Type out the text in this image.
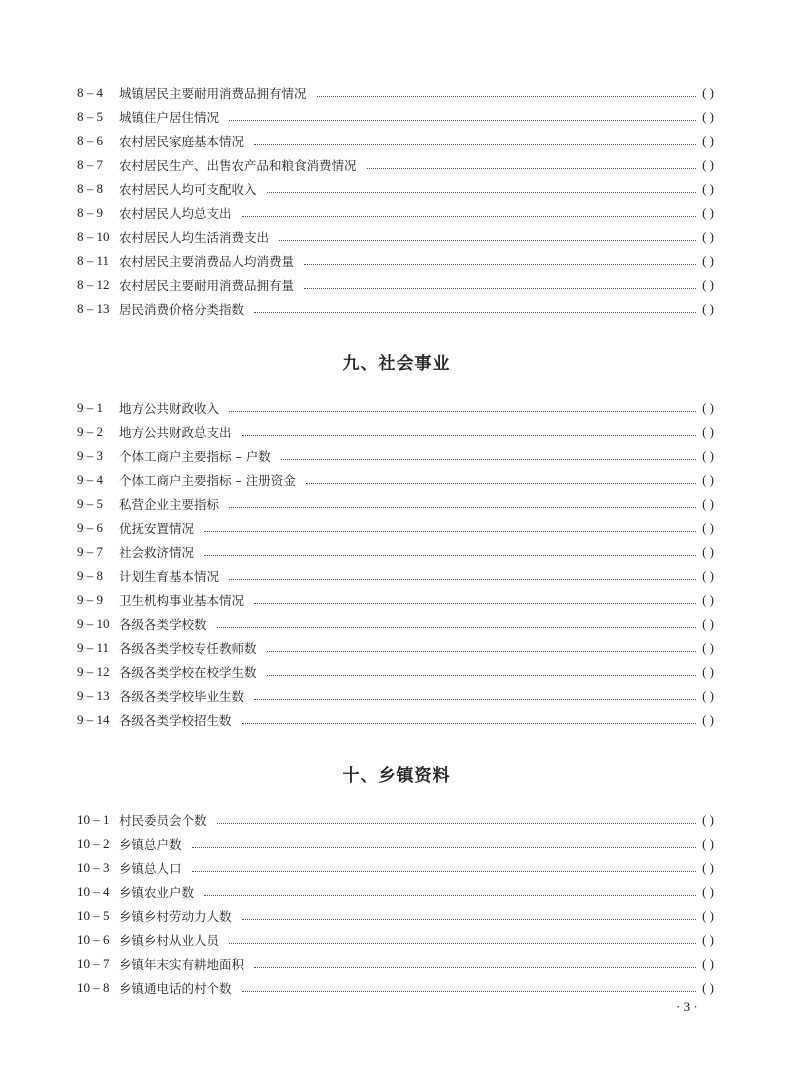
8 – 4	城镇居民主要耐用消费品拥有情况	( )
8 – 5	城镇住户居住情况	( )
8 – 6	农村居民家庭基本情况	( )
8 – 7	农村居民生产、出售农产品和粮食消费情况	( )
8 – 8	农村居民人均可支配收入	( )
8 – 9	农村居民人均总支出	( )
8 – 10 农村居民人均生活消费支出	( )
8 – 11 农村居民主要消费品人均消费量	( )
8 – 12 农村居民主要耐用消费品拥有量	( )
8 – 13 居民消费价格分类指数	( )
九、社会事业
9 – 1	地方公共财政收入	( )
9 – 2	地方公共财政总支出	( )
9 – 3	个体工商户主要指标 – 户数	( )
9 – 4	个体工商户主要指标 – 注册资金	( )
9 – 5	私营企业主要指标	( )
9 – 6	优抚安置情况	( )
9 – 7	社会救济情况	( )
9 – 8	计划生育基本情况	( )
9 – 9	卫生机构事业基本情况	( )
9 – 10 各级各类学校数	( )
9 – 11 各级各类学校专任教师数	( )
9 – 12 各级各类学校在校学生数	( )
9 – 13 各级各类学校毕业生数	( )
9 – 14 各级各类学校招生数	( )
十、乡镇资料
10 – 1 村民委员会个数	( )
10 – 2 乡镇总户数	( )
10 – 3 乡镇总人口	( )
10 – 4 乡镇农业户数	( )
10 – 5 乡镇乡村劳动力人数	( )
10 – 6 乡镇乡村从业人员	( )
10 – 7 乡镇年末实有耕地面积	( )
10 – 8 乡镇通电话的村个数	( )
· 3 ·
